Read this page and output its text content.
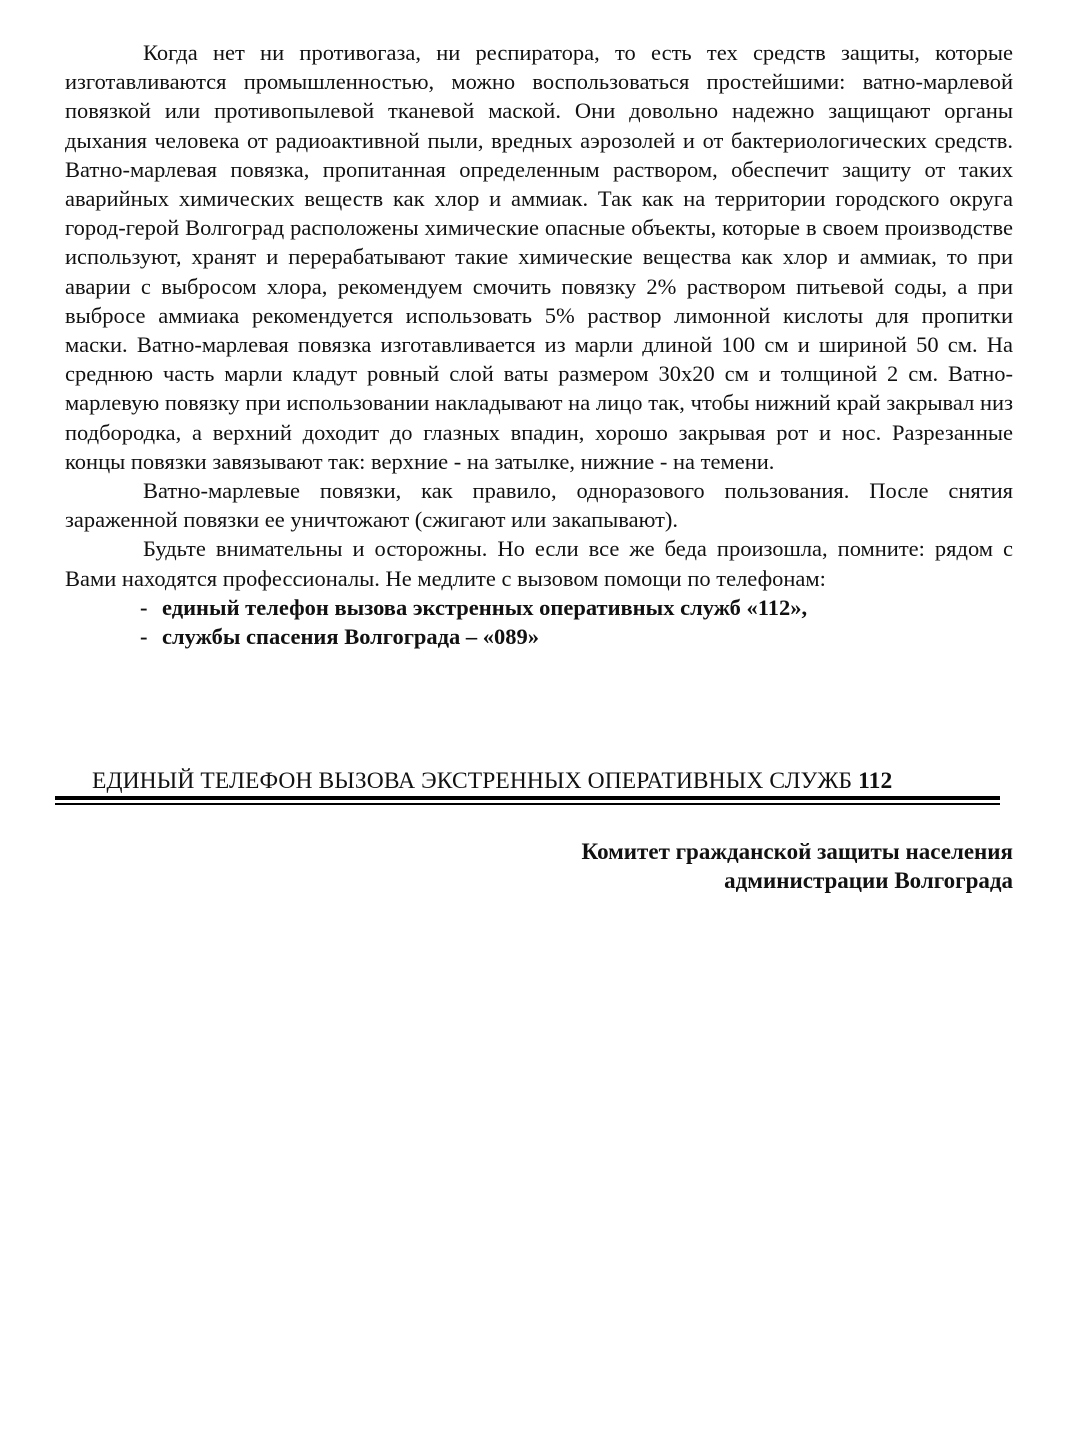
Когда нет ни противогаза, ни респиратора, то есть тех средств защиты, которые изготавливаются промышленностью, можно воспользоваться простейшими: ватно-марлевой повязкой или противопылевой тканевой маской. Они довольно надежно защищают органы дыхания человека от радиоактивной пыли, вредных аэрозолей и от бактериологических средств. Ватно-марлевая повязка, пропитанная определенным раствором, обеспечит защиту от таких аварийных химических веществ как хлор и аммиак. Так как на территории городского округа город-герой Волгоград расположены химические опасные объекты, которые в своем производстве используют, хранят и перерабатывают такие химические вещества как хлор и аммиак, то при аварии с выбросом хлора, рекомендуем смочить повязку 2% раствором питьевой соды, а при выбросе аммиака рекомендуется использовать 5% раствор лимонной кислоты для пропитки маски. Ватно-марлевая повязка изготавливается из марли длиной 100 см и шириной 50 см. На среднюю часть марли кладут ровный слой ваты размером 30х20 см и толщиной 2 см. Ватно-марлевую повязку при использовании накладывают на лицо так, чтобы нижний край закрывал низ подбородка, а верхний доходит до глазных впадин, хорошо закрывая рот и нос. Разрезанные концы повязки завязывают так: верхние - на затылке, нижние - на темени.

Ватно-марлевые повязки, как правило, одноразового пользования. После снятия зараженной повязки ее уничтожают (сжигают или закапывают).

Будьте внимательны и осторожны. Но если все же беда произошла, помните: рядом с Вами находятся профессионалы. Не медлите с вызовом помощи по телефонам:

- единый телефон вызова экстренных оперативных служб «112»,
- службы спасения Волгограда – «089»
ЕДИНЫЙ ТЕЛЕФОН ВЫЗОВА ЭКСТРЕННЫХ ОПЕРАТИВНЫХ СЛУЖБ 112
Комитет гражданской защиты населения
администрации Волгограда
